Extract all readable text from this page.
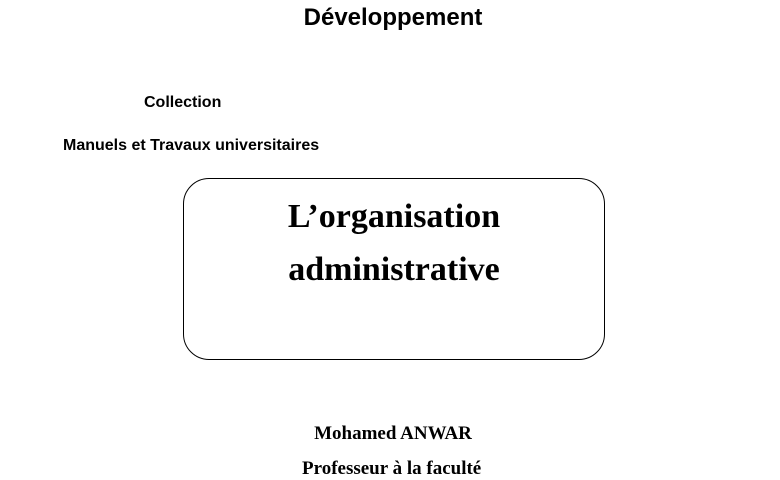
Développement
Collection
Manuels et Travaux universitaires
L’organisation
administrative
Mohamed ANWAR
Professeur à la faculté
